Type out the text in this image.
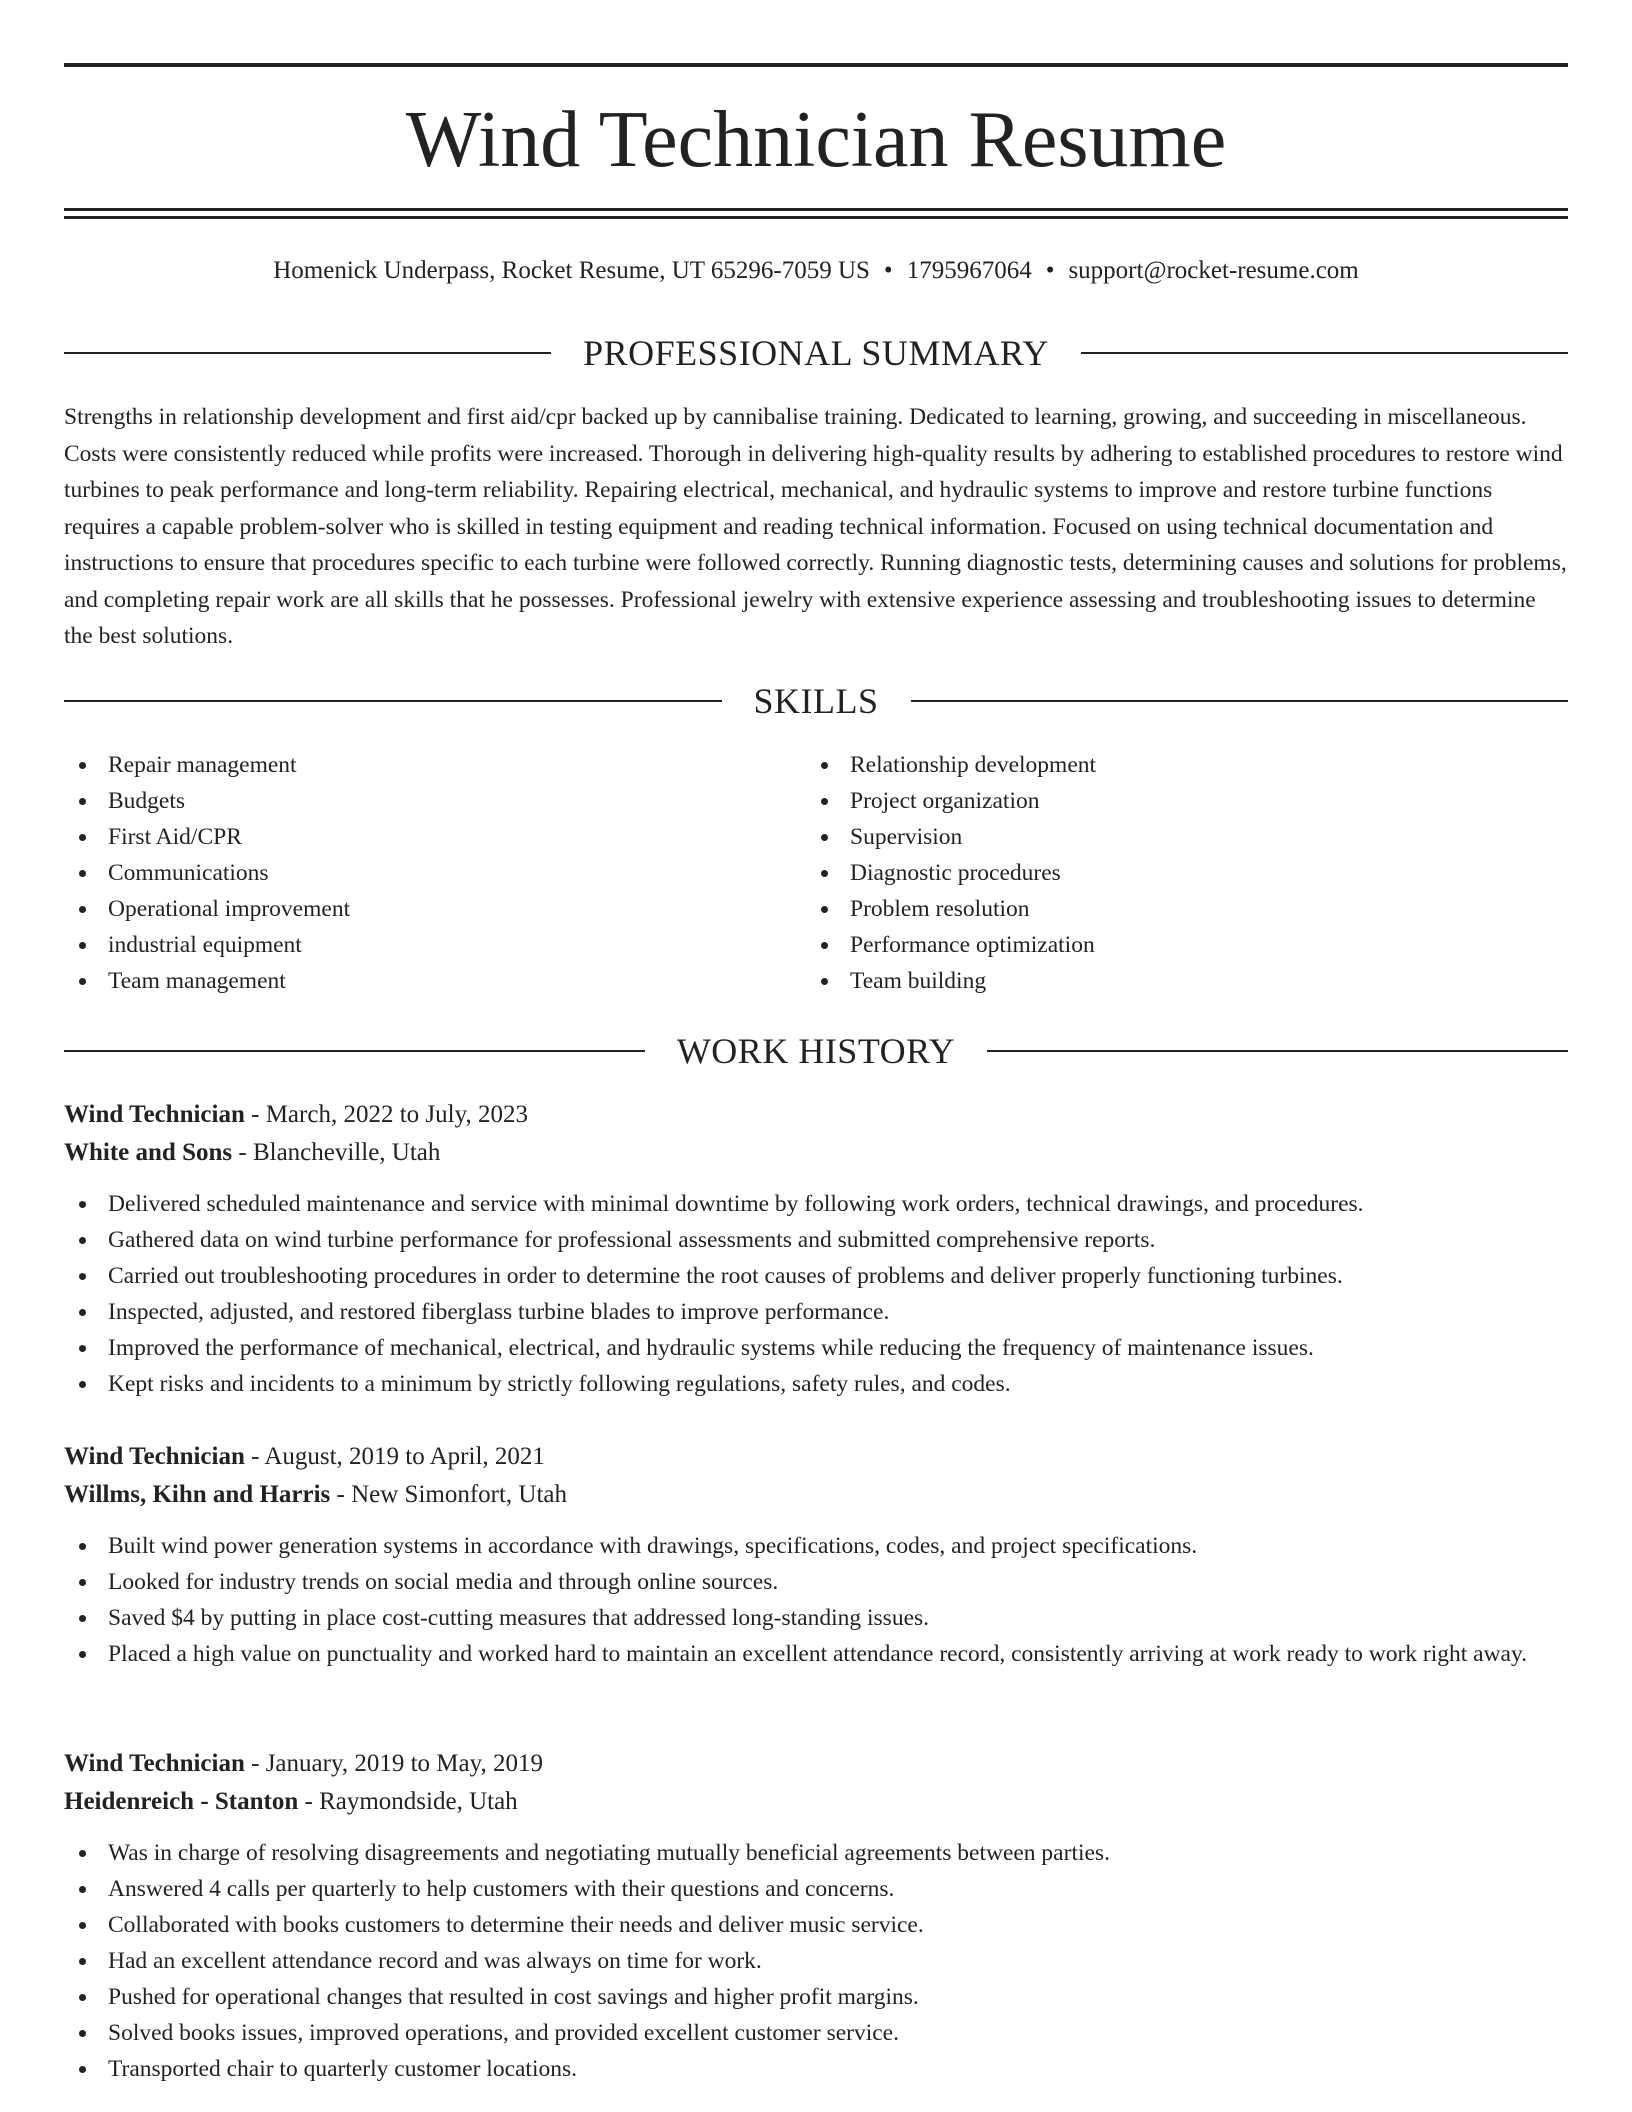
Wind Technician Resume
Homenick Underpass, Rocket Resume, UT 65296-7059 US • 1795967064 • support@rocket-resume.com
PROFESSIONAL SUMMARY

Strengths in relationship development and first aid/cpr backed up by cannibalise training. Dedicated to learning, growing, and succeeding in miscellaneous. Costs were consistently reduced while profits were increased. Thorough in delivering high-quality results by adhering to established procedures to restore wind turbines to peak performance and long-term reliability. Repairing electrical, mechanical, and hydraulic systems to improve and restore turbine functions requires a capable problem-solver who is skilled in testing equipment and reading technical information. Focused on using technical documentation and instructions to ensure that procedures specific to each turbine were followed correctly. Running diagnostic tests, determining causes and solutions for problems, and completing repair work are all skills that he possesses. Professional jewelry with extensive experience assessing and troubleshooting issues to determine the best solutions.

SKILLS
Repair management
Budgets
First Aid/CPR
Communications
Operational improvement
industrial equipment
Team management
Relationship development
Project organization
Supervision
Diagnostic procedures
Problem resolution
Performance optimization
Team building
WORK HISTORY
Wind Technician - March, 2022 to July, 2023
White and Sons - Blancheville, Utah
Delivered scheduled maintenance and service with minimal downtime by following work orders, technical drawings, and procedures.
Gathered data on wind turbine performance for professional assessments and submitted comprehensive reports.
Carried out troubleshooting procedures in order to determine the root causes of problems and deliver properly functioning turbines.
Inspected, adjusted, and restored fiberglass turbine blades to improve performance.
Improved the performance of mechanical, electrical, and hydraulic systems while reducing the frequency of maintenance issues.
Kept risks and incidents to a minimum by strictly following regulations, safety rules, and codes.
Wind Technician - August, 2019 to April, 2021
Willms, Kihn and Harris - New Simonfort, Utah
Built wind power generation systems in accordance with drawings, specifications, codes, and project specifications.
Looked for industry trends on social media and through online sources.
Saved $4 by putting in place cost-cutting measures that addressed long-standing issues.
Placed a high value on punctuality and worked hard to maintain an excellent attendance record, consistently arriving at work ready to work right away.
Wind Technician - January, 2019 to May, 2019
Heidenreich - Stanton - Raymondside, Utah
Was in charge of resolving disagreements and negotiating mutually beneficial agreements between parties.
Answered 4 calls per quarterly to help customers with their questions and concerns.
Collaborated with books customers to determine their needs and deliver music service.
Had an excellent attendance record and was always on time for work.
Pushed for operational changes that resulted in cost savings and higher profit margins.
Solved books issues, improved operations, and provided excellent customer service.
Transported chair to quarterly customer locations.
